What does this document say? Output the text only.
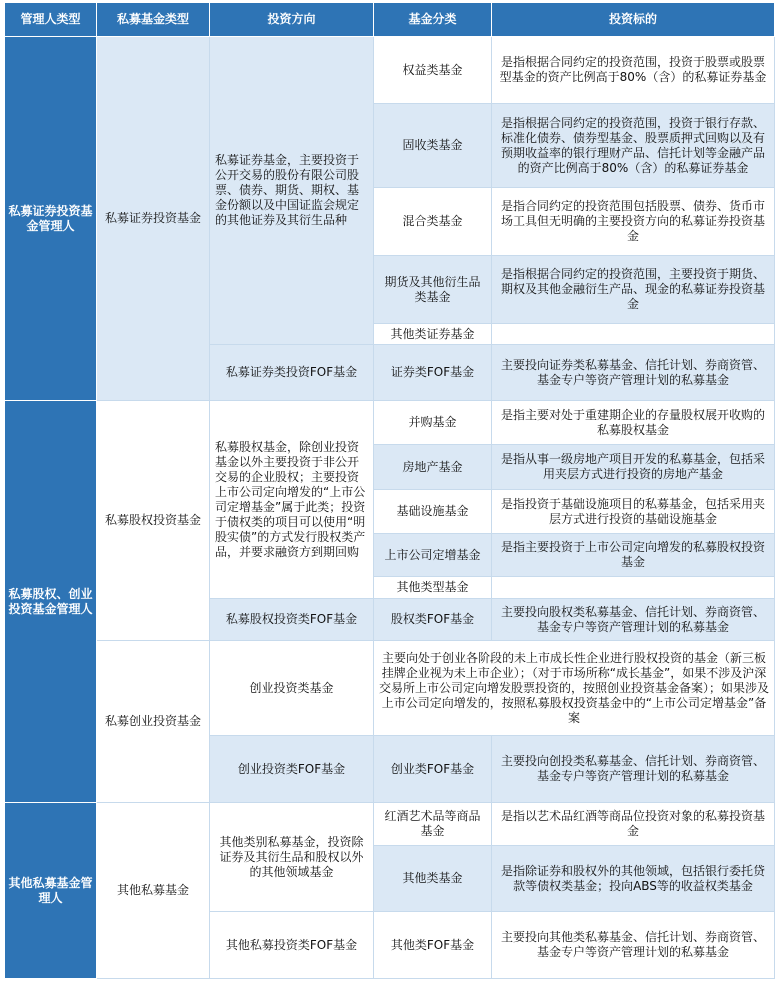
管理人类型	私募基金类型	投资方向	基金分类	投资标的
私募证券投资基金管理人	私募证券投资基金	私募证券基金，主要投资于公开交易的股份有限公司股票、债券、期货、期权、基金份额以及中国证监会规定的其他证券及其衍生品种	权益类基金	是指根据合同约定的投资范围，投资于股票或股票型基金的资产比例高于80%（含）的私募证券基金
			固收类基金	是指根据合同约定的投资范围，投资于银行存款、标准化债券、债券型基金、股票质押式回购以及有预期收益率的银行理财产品、信托计划等金融产品的资产比例高于80%（含）的私募证券基金
			混合类基金	是指合同约定的投资范围包括股票、债券、货币市场工具但无明确的主要投资方向的私募证券投资基金
			期货及其他衍生品类基金	是指根据合同约定的投资范围，主要投资于期货、期权及其他金融衍生产品、现金的私募证券投资基金
			其他类证券基金	
		私募证券类投资FOF基金	证券类FOF基金	主要投向证券类私募基金、信托计划、券商资管、基金专户等资产管理计划的私募基金
私募股权、创业投资基金管理人	私募股权投资基金	私募股权基金，除创业投资基金以外主要投资于非公开交易的企业股权；主要投资上市公司定向增发的“上市公司定增基金”属于此类；投资于债权类的项目可以使用“明股实债”的方式发行股权类产品，并要求融资方到期回购	并购基金	是指主要对处于重建期企业的存量股权展开收购的私募股权基金
			房地产基金	是指从事一级房地产项目开发的私募基金，包括采用夹层方式进行投资的房地产基金
			基础设施基金	是指投资于基础设施项目的私募基金，包括采用夹层方式进行投资的基础设施基金
			上市公司定增基金	是指主要投资于上市公司定向增发的私募股权投资基金
			其他类型基金	
		私募股权投资类FOF基金	股权类FOF基金	主要投向股权类私募基金、信托计划、券商资管、基金专户等资产管理计划的私募基金
	私募创业投资基金	创业投资类基金	主要向处于创业各阶段的未上市成长性企业进行股权投资的基金（新三板挂牌企业视为未上市企业）；（对于市场所称“成长基金”，如果不涉及沪深交易所上市公司定向增发股票投资的，按照创业投资基金备案）；如果涉及上市公司定向增发的，按照私募股权投资基金中的“上市公司定增基金”备案	
		创业投资类FOF基金	创业类FOF基金	主要投向创投类私募基金、信托计划、券商资管、基金专户等资产管理计划的私募基金
其他私募基金管理人	其他私募基金	其他类别私募基金，投资除证券及其衍生品和股权以外的其他领域基金	红酒艺术品等商品基金	是指以艺术品红酒等商品位投资对象的私募投资基金
			其他类基金	是指除证券和股权外的其他领域，包括银行委托贷款等债权类基金；投向ABS等的收益权类基金
		其他私募投资类FOF基金	其他类FOF基金	主要投向其他类私募基金、信托计划、券商资管、基金专户等资产管理计划的私募基金
